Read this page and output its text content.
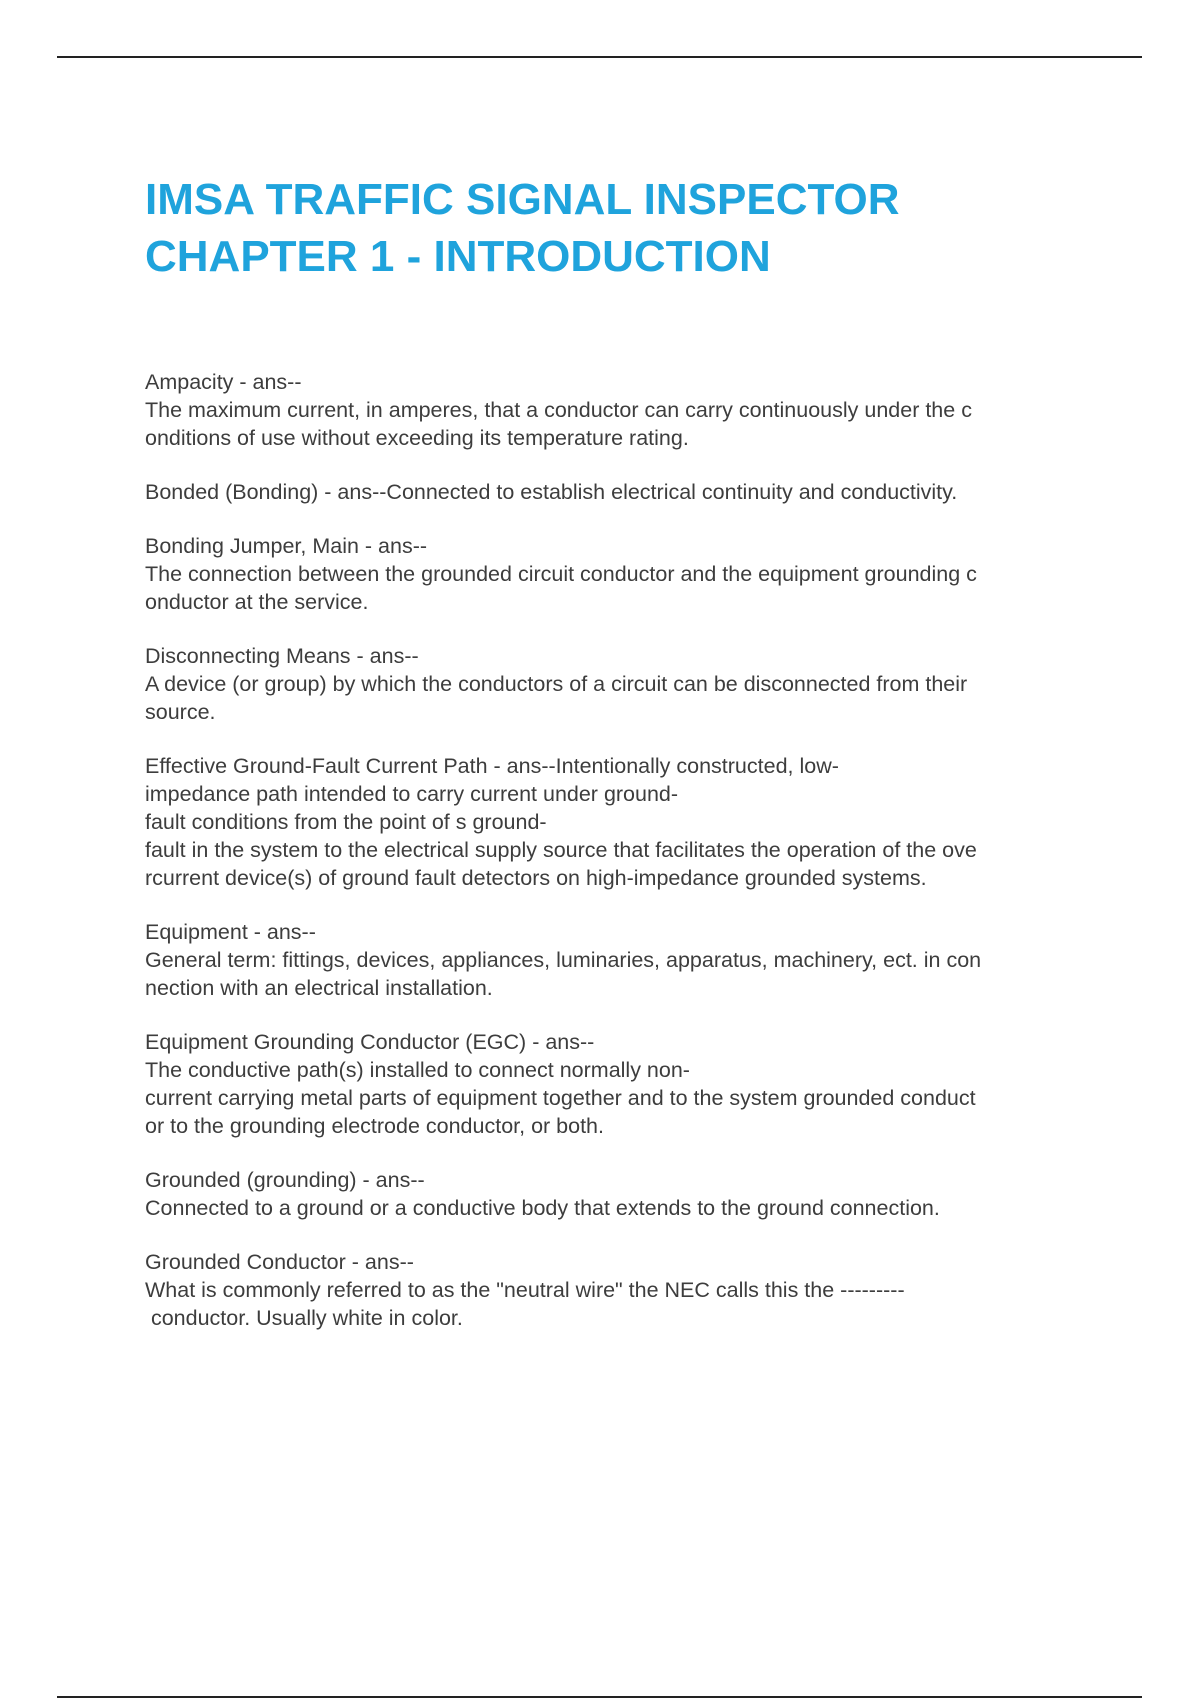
IMSA TRAFFIC SIGNAL INSPECTOR
CHAPTER 1 - INTRODUCTION
Ampacity - ans--
The maximum current, in amperes, that a conductor can carry continuously under the c
onditions of use without exceeding its temperature rating.
Bonded (Bonding) - ans--Connected to establish electrical continuity and conductivity.
Bonding Jumper, Main - ans--
The connection between the grounded circuit conductor and the equipment grounding c
onductor at the service.
Disconnecting Means - ans--
A device (or group) by which the conductors of a circuit can be disconnected from their
source.
Effective Ground-Fault Current Path - ans--Intentionally constructed, low-
impedance path intended to carry current under ground-
fault conditions from the point of s ground-
fault in the system to the electrical supply source that facilitates the operation of the ove
rcurrent device(s) of ground fault detectors on high-impedance grounded systems.
Equipment - ans--
General term: fittings, devices, appliances, luminaries, apparatus, machinery, ect. in con
nection with an electrical installation.
Equipment Grounding Conductor (EGC) - ans--
The conductive path(s) installed to connect normally non-
current carrying metal parts of equipment together and to the system grounded conduct
or to the grounding electrode conductor, or both.
Grounded (grounding) - ans--
Connected to a ground or a conductive body that extends to the ground connection.
Grounded Conductor - ans--
What is commonly referred to as the "neutral wire" the NEC calls this the ---------
conductor. Usually white in color.
